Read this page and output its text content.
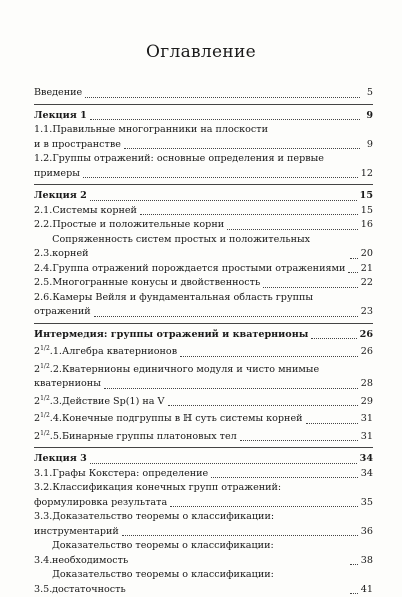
Оглавление
Введение	5
Лекция 1	9
1.1.Правильные многогранники на плоскости
и в пространстве	9
1.2.Группы отражений: основные определения и первые
примеры	12
Лекция 2	15
2.1. Системы корней	15
2.2. Простые и положительные корни	16
2.3.
Сопряженность систем простых и положительных корней	20
2.4. Группа отражений порождается простыми отражениями 21
2.5. Многогранные конусы и двойственность	22
2.6.Камеры Вейля и фундаментальная область группы
отражений	23
Интермедия: группы отражений и кватернионы	26
$2^{1/2}.1$. Алгебра кватернионов	26
$2^{1/2}.2.Кватернионы$ единичного модуля и чисто мнимые
кватернионы	28
$2^{1/2}.3$. Действие Sp(1) на V	29
$2^{1/2}.4$. Конечные подгруппы в ℍ суть системы корней	31
$2^{1/2}.5$. Бинарные группы платоновых тел	31
Лекция 3	34
3.1. Графы Кокстера: определение	34
3.2.Классификация конечных групп отражений:
формулировка результата	35
3.3.Доказательство теоремы о классификации:
инструментарий	36
3.4.
Доказательство теоремы о классификации: необходимость	38
3.5.
Доказательство теоремы о классификации: достаточность	41
